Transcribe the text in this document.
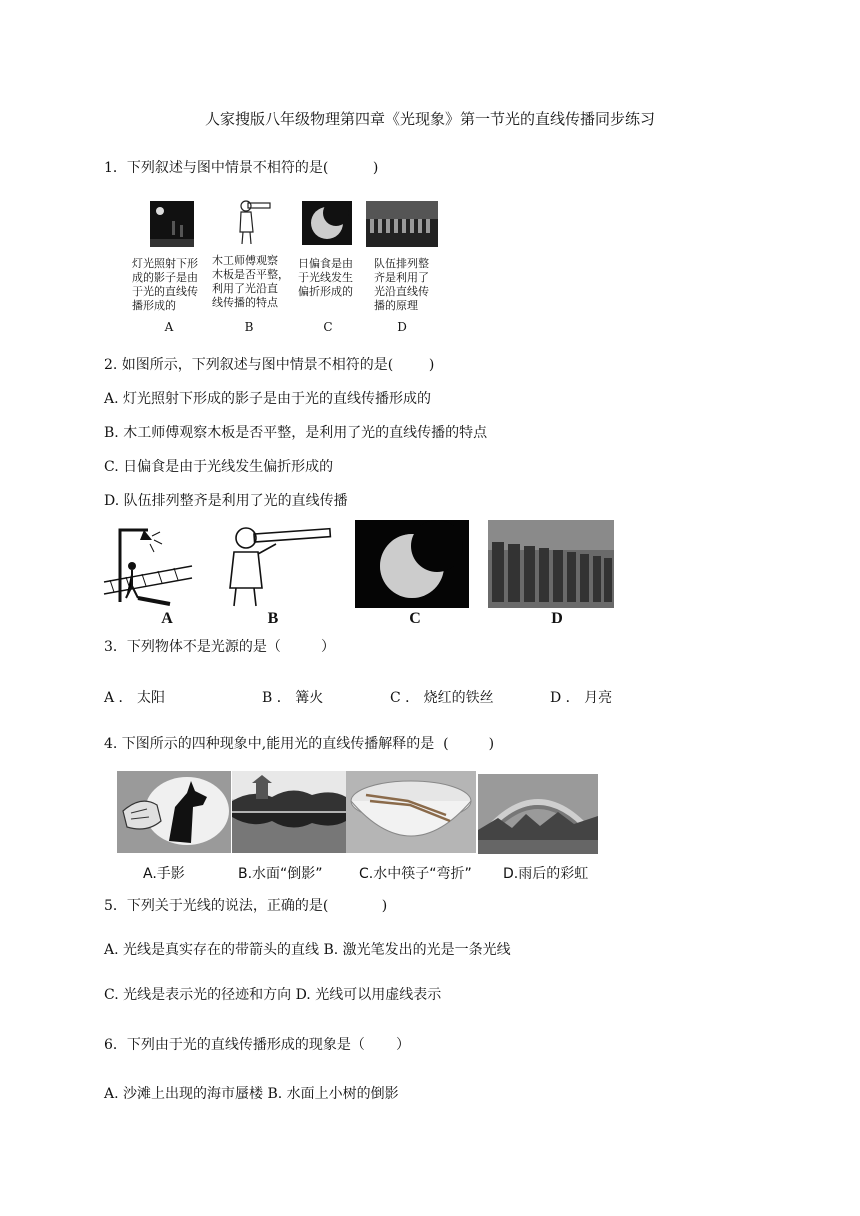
人家搜版八年级物理第四章《光现象》第一节光的直线传播同步练习
1．下列叙述与图中情景不相符的是(          )
灯光照射下形
成的影子是由
于光的直线传
播形成的
木工师傅观察
木板是否平整，
利用了光沿直
线传播的特点
日偏食是由
于光线发生
偏折形成的
队伍排列整
齐是利用了
光沿直线传
播的原理
A	B	C	D
2. 如图所示，下列叙述与图中情景不相符的是(        )
A. 灯光照射下形成的影子是由于光的直线传播形成的
B. 木工师傅观察木板是否平整，是利用了光的直线传播的特点
C. 日偏食是由于光线发生偏折形成的
D. 队伍排列整齐是利用了光的直线传播
A	B	C	D
3．下列物体不是光源的是（         ）
A ． 太阳	B ． 篝火	C ． 烧红的铁丝	D ． 月亮
4. 下图所示的四种现象中,能用光的直线传播解释的是  (         )
A.手影	B.水面“倒影”	C.水中筷子“弯折” D.雨后的彩虹
5．下列关于光线的说法，正确的是(            )
A. 光线是真实存在的带箭头的直线 B. 激光笔发出的光是一条光线
C. 光线是表示光的径迹和方向 D. 光线可以用虚线表示
6．下列由于光的直线传播形成的现象是（       ）
A. 沙滩上出现的海市蜃楼 B. 水面上小树的倒影
